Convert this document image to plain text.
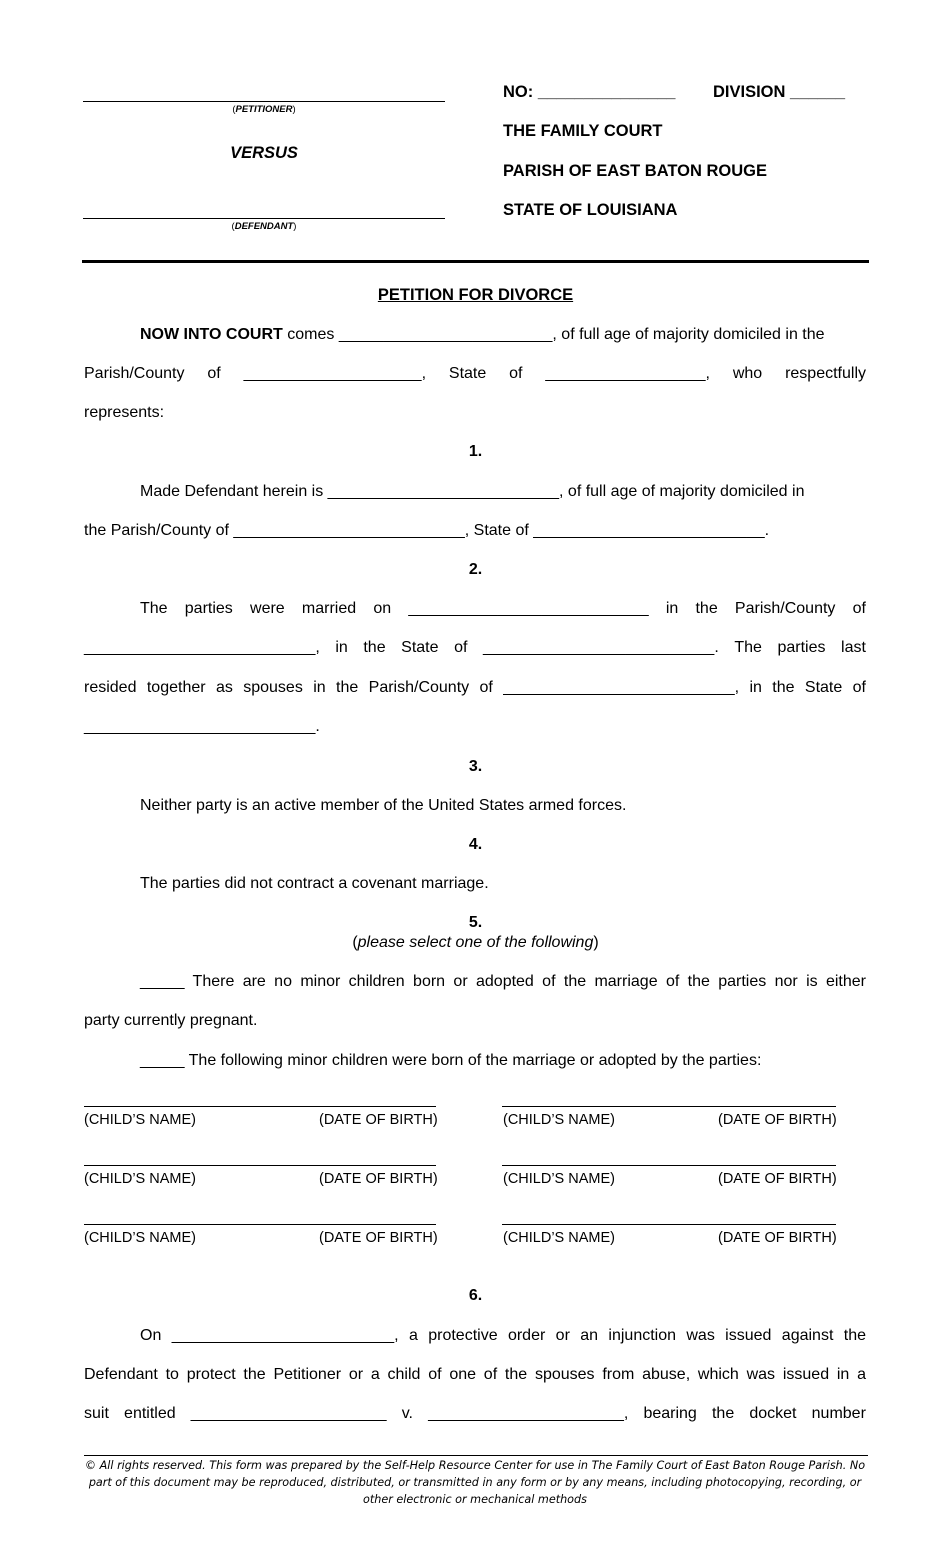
(PETITIONER)
VERSUS
(DEFENDANT)
NO: _______________ DIVISION ______
THE FAMILY COURT
PARISH OF EAST BATON ROUGE
STATE OF LOUISIANA
PETITION FOR DIVORCE
NOW INTO COURT comes ________________________, of full age of majority domiciled in the
Parish/County of ____________________, State of __________________, who respectfully
represents:
1.
Made Defendant herein is __________________________, of full age of majority domiciled in
the Parish/County of __________________________, State of __________________________.
2.
The parties were married on ___________________________ in the Parish/County of
__________________________, in the State of __________________________. The parties last
resided together as spouses in the Parish/County of __________________________, in the State of
__________________________.
3.
Neither party is an active member of the United States armed forces.
4.
The parties did not contract a covenant marriage.
5.
(please select one of the following)
_____ There are no minor children born or adopted of the marriage of the parties nor is either
party currently pregnant.
_____ The following minor children were born of the marriage or adopted by the parties:
(CHILD’S NAME)	(DATE OF BIRTH)	(CHILD’S NAME)	(DATE OF BIRTH)
(CHILD’S NAME)	(DATE OF BIRTH)	(CHILD’S NAME)	(DATE OF BIRTH)
(CHILD’S NAME)	(DATE OF BIRTH)	(CHILD’S NAME)	(DATE OF BIRTH)
6.
On _________________________, a protective order or an injunction was issued against the
Defendant to protect the Petitioner or a child of one of the spouses from abuse, which was issued in a
suit entitled ______________________ v. ______________________, bearing the docket number
© All rights reserved. This form was prepared by the Self-Help Resource Center for use in The Family Court of East Baton Rouge Parish. No
part of this document may be reproduced, distributed, or transmitted in any form or by any means, including photocopying, recording, or
other electronic or mechanical methods
